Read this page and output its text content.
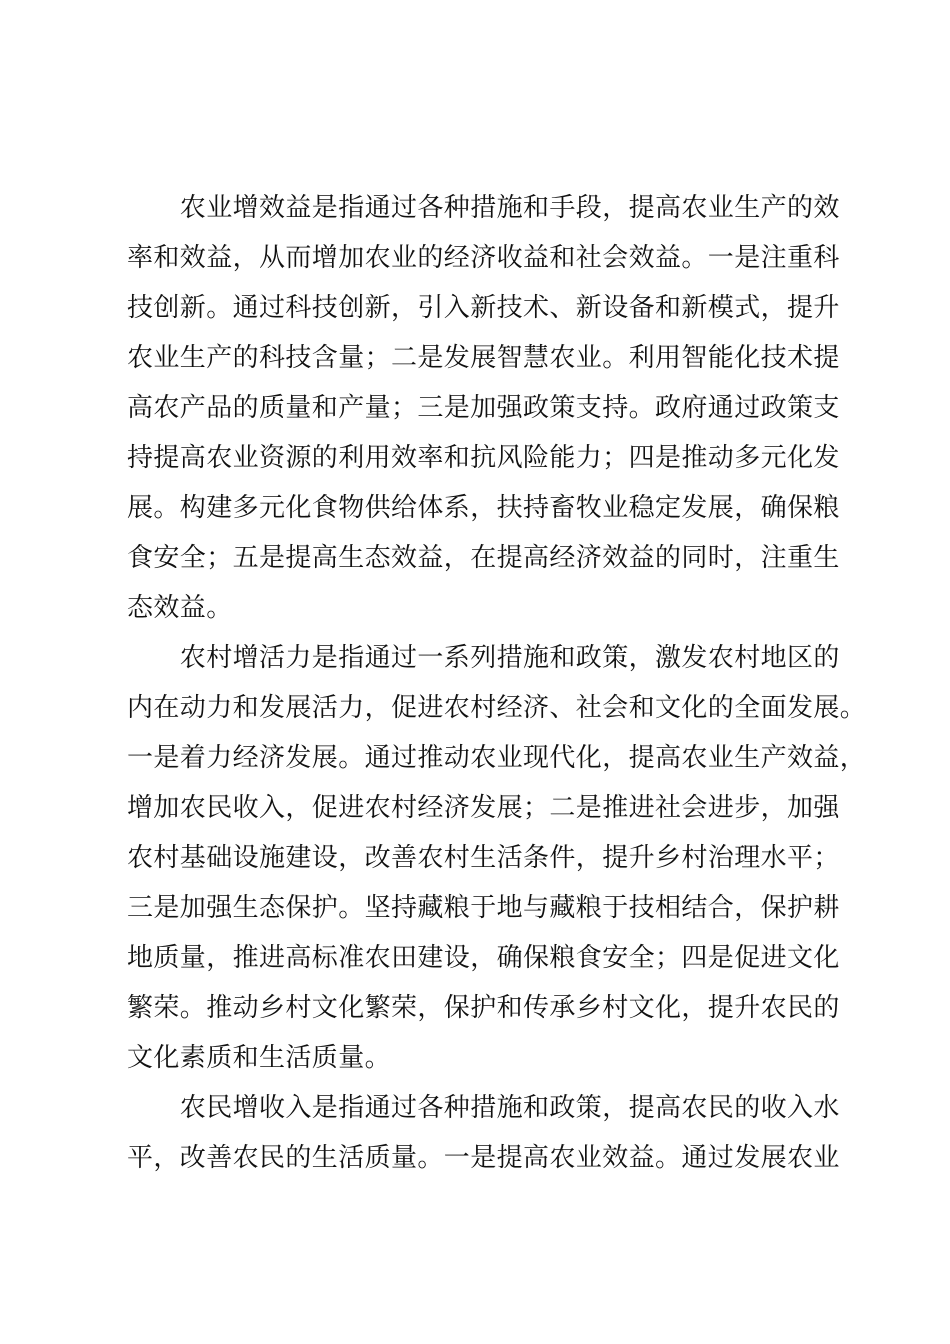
　　农业增效益是指通过各种措施和手段，提高农业生产的效
率和效益，从而增加农业的经济收益和社会效益。一是注重科
技创新。通过科技创新，引入新技术、新设备和新模式，提升
农业生产的科技含量；二是发展智慧农业。利用智能化技术提
高农产品的质量和产量；三是加强政策支持。政府通过政策支
持提高农业资源的利用效率和抗风险能力；四是推动多元化发
展。构建多元化食物供给体系，扶持畜牧业稳定发展，确保粮
食安全；五是提高生态效益，在提高经济效益的同时，注重生
态效益。
　　农村增活力是指通过一系列措施和政策，激发农村地区的
内在动力和发展活力，促进农村经济、社会和文化的全面发展。
一是着力经济发展。通过推动农业现代化，提高农业生产效益，
增加农民收入，促进农村经济发展；二是推进社会进步，加强
农村基础设施建设，改善农村生活条件，提升乡村治理水平；
三是加强生态保护。坚持藏粮于地与藏粮于技相结合，保护耕
地质量，推进高标准农田建设，确保粮食安全；四是促进文化
繁荣。推动乡村文化繁荣，保护和传承乡村文化，提升农民的
文化素质和生活质量。
　　农民增收入是指通过各种措施和政策，提高农民的收入水
平，改善农民的生活质量。一是提高农业效益。通过发展农业
